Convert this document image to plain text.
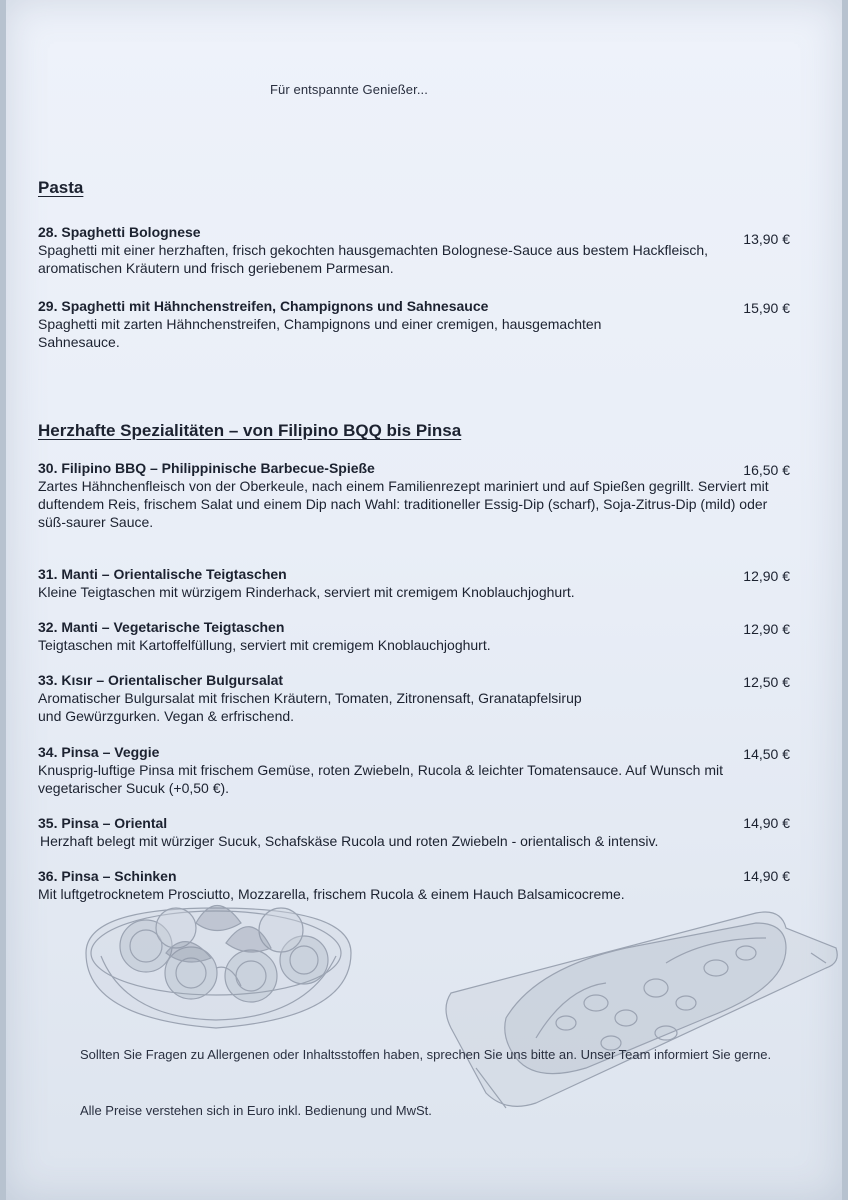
Für entspannte Genießer...
Pasta
28. Spaghetti Bolognese
Spaghetti mit einer herzhaften, frisch gekochten hausgemachten Bolognese-Sauce aus bestem Hackfleisch, aromatischen Kräutern und frisch geriebenem Parmesan.
13,90 €
29. Spaghetti mit Hähnchenstreifen, Champignons und Sahnesauce
Spaghetti mit zarten Hähnchenstreifen, Champignons und einer cremigen, hausgemachten Sahnesauce.
15,90 €
Herzhafte Spezialitäten – von Filipino BQQ bis Pinsa
30. Filipino BBQ – Philippinische Barbecue-Spieße
Zartes Hähnchenfleisch von der Oberkeule, nach einem Familienrezept mariniert und auf Spießen gegrillt. Serviert mit duftendem Reis, frischem Salat und einem Dip nach Wahl: traditioneller Essig-Dip (scharf), Soja-Zitrus-Dip (mild) oder süß-saurer Sauce.
16,50 €
31. Manti – Orientalische Teigtaschen
Kleine Teigtaschen mit würzigem Rinderhack, serviert mit cremigem Knoblauchjoghurt.
12,90 €
32. Manti – Vegetarische Teigtaschen
Teigtaschen mit Kartoffelfüllung, serviert mit cremigem Knoblauchjoghurt.
12,90 €
33. Kısır – Orientalischer Bulgursalat
Aromatischer Bulgursalat mit frischen Kräutern, Tomaten, Zitronensaft, Granatapfelsirup und Gewürzgurken. Vegan & erfrischend.
12,50 €
34. Pinsa – Veggie
Knusprig-luftige Pinsa mit frischem Gemüse, roten Zwiebeln, Rucola & leichter Tomatensauce. Auf Wunsch mit vegetarischer Sucuk (+0,50 €).
14,50 €
35. Pinsa – Oriental
Herzhaft belegt mit würziger Sucuk, Schafskäse Rucola und roten Zwiebeln - orientalisch & intensiv.
14,90 €
36. Pinsa – Schinken
Mit luftgetrocknetem Prosciutto, Mozzarella, frischem Rucola & einem Hauch Balsamicocreme.
14,90 €
Sollten Sie Fragen zu Allergenen oder Inhaltsstoffen haben, sprechen Sie uns bitte an. Unser Team informiert Sie gerne.
Alle Preise verstehen sich in Euro inkl. Bedienung und MwSt.
